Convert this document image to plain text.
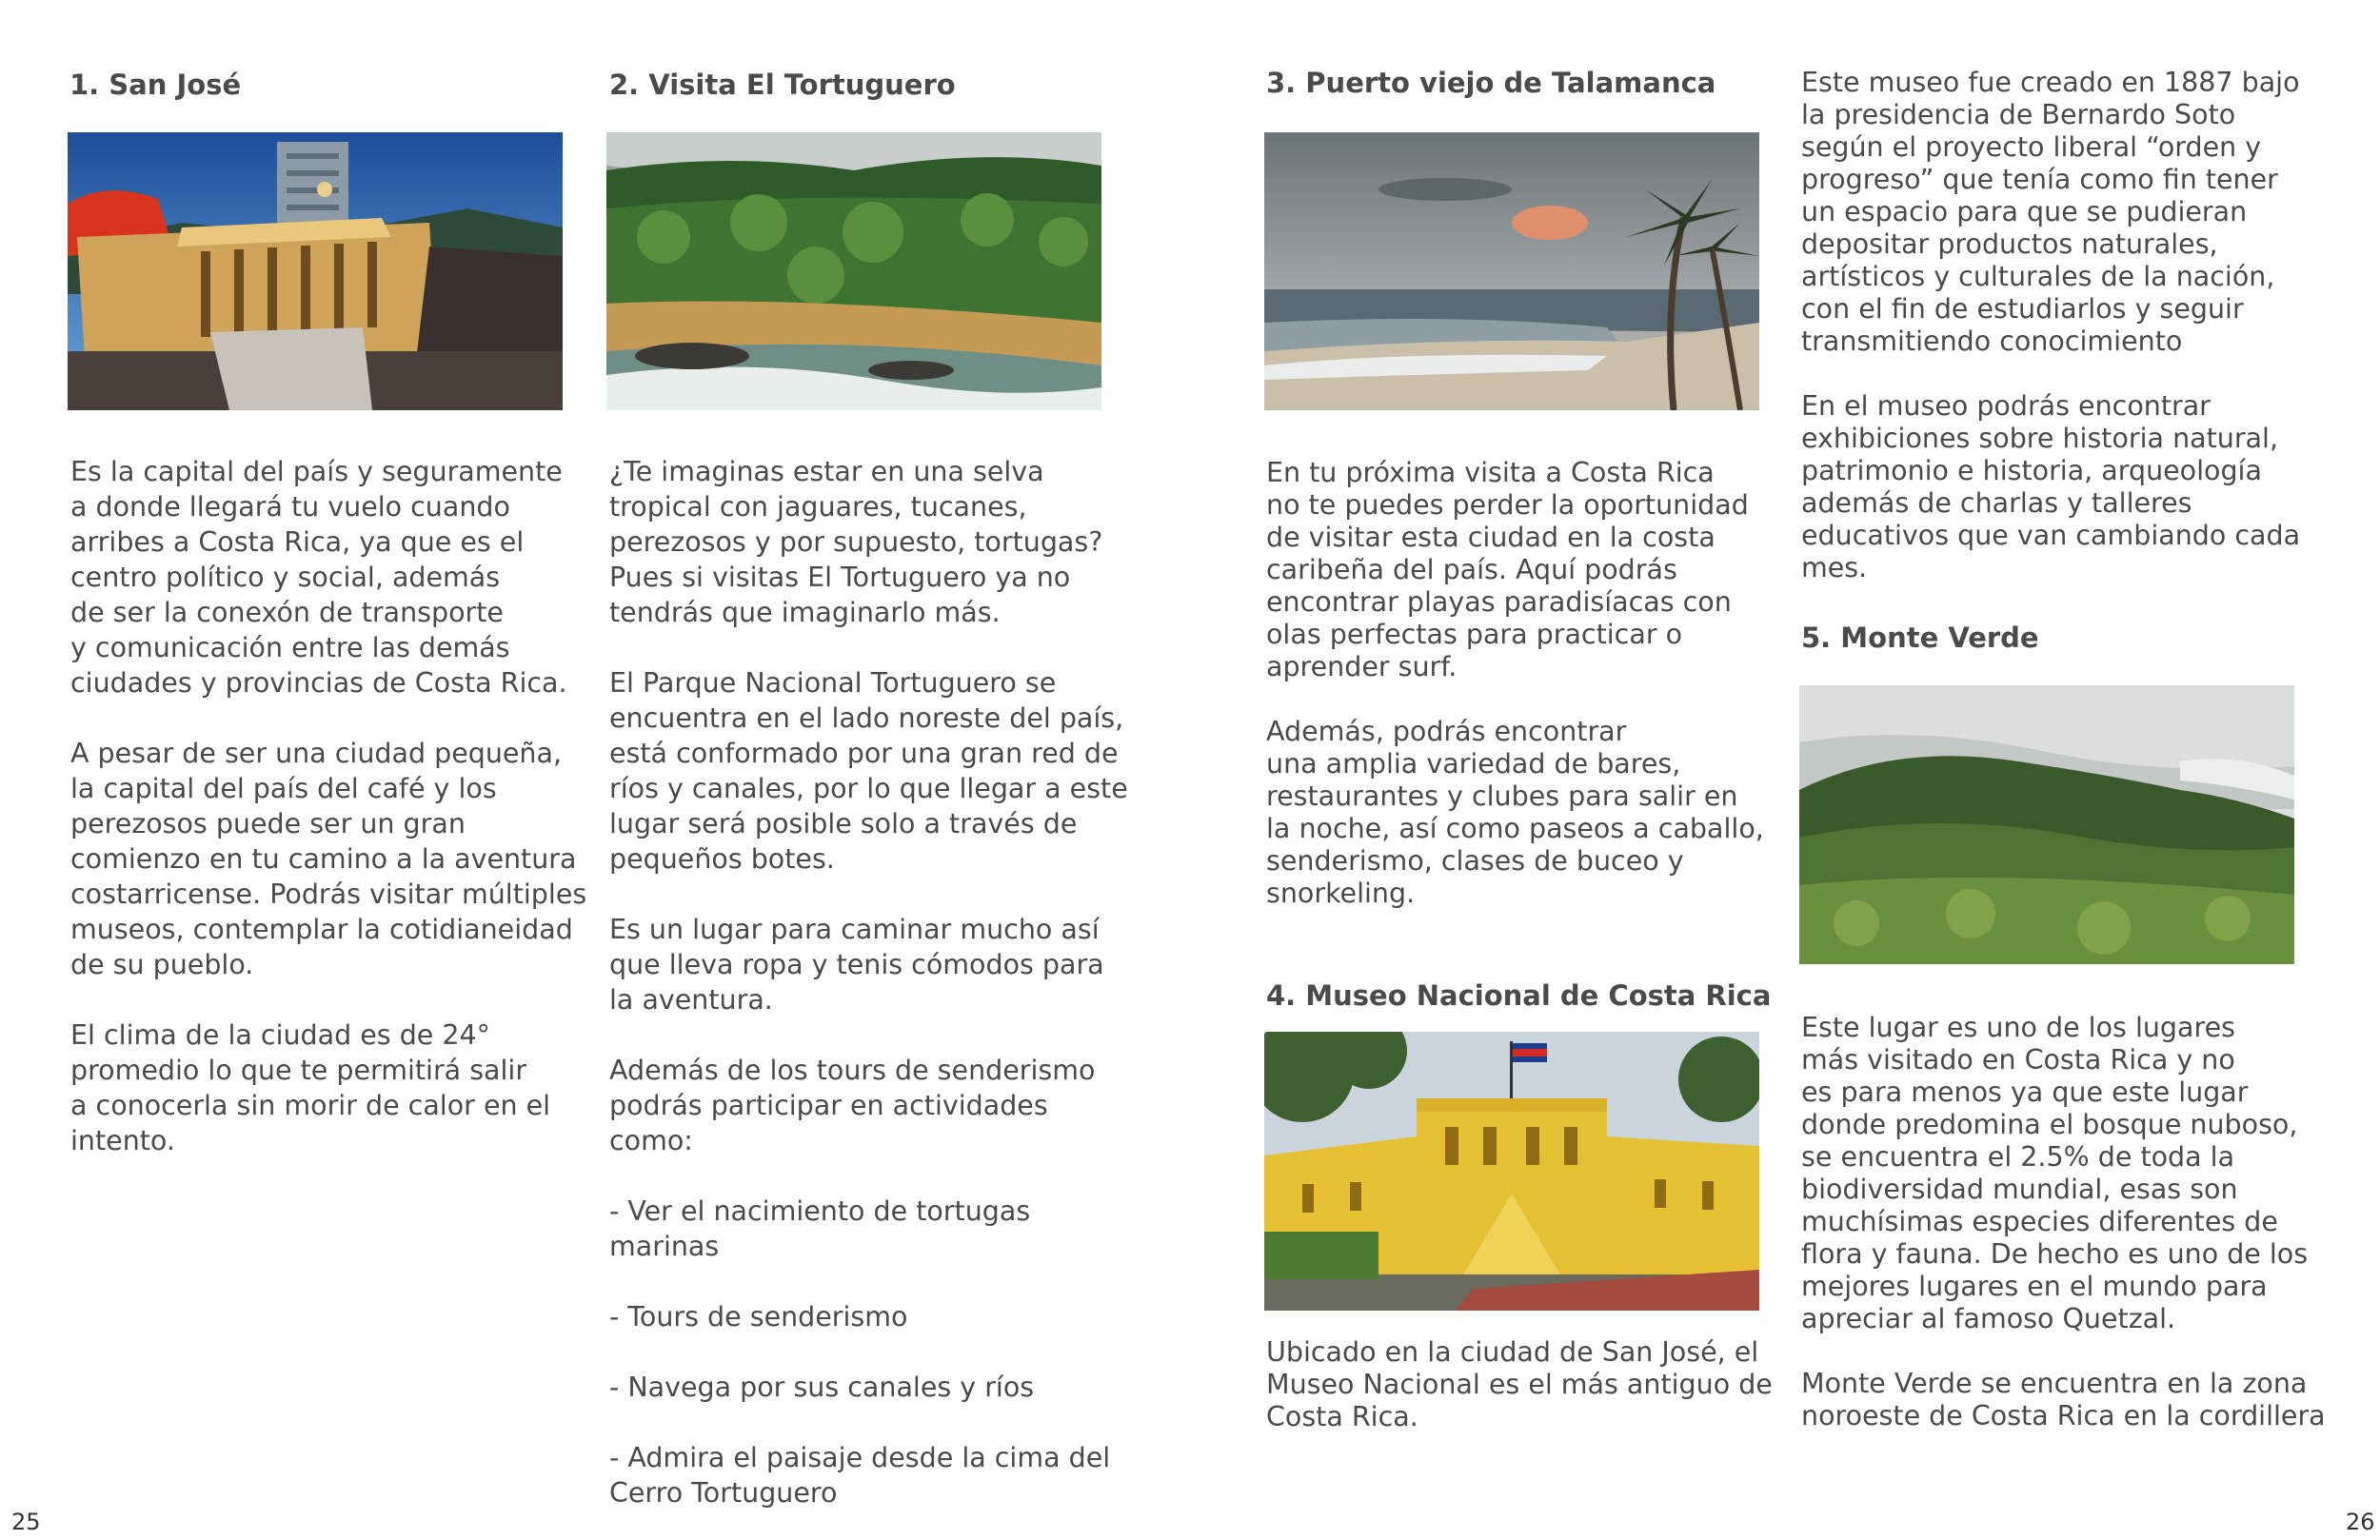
1. San José

Es la capital del país y seguramente
a donde llegará tu vuelo cuando
arribes a Costa Rica, ya que es el
centro político y social, además
de ser la conexón de transporte
y comunicación entre las demás
ciudades y provincias de Costa Rica.

A pesar de ser una ciudad pequeña,
la capital del país del café y los
perezosos puede ser un gran
comienzo en tu camino a la aventura
costarricense. Podrás visitar múltiples
museos, contemplar la cotidianeidad
de su pueblo.

El clima de la ciudad es de 24°
promedio lo que te permitirá salir
a conocerla sin morir de calor en el
intento.

2. Visita El Tortuguero

¿Te imaginas estar en una selva
tropical con jaguares, tucanes,
perezosos y por supuesto, tortugas?
Pues si visitas El Tortuguero ya no
tendrás que imaginarlo más.

El Parque Nacional Tortuguero se
encuentra en el lado noreste del país,
está conformado por una gran red de
ríos y canales, por lo que llegar a este
lugar será posible solo a través de
pequeños botes.

Es un lugar para caminar mucho así
que lleva ropa y tenis cómodos para
la aventura.

Además de los tours de senderismo
podrás participar en actividades
como:

- Ver el nacimiento de tortugas marinas

- Tours de senderismo

- Navega por sus canales y ríos

- Admira el paisaje desde la cima del
Cerro Tortuguero

3. Puerto viejo de Talamanca

En tu próxima visita a Costa Rica
no te puedes perder la oportunidad
de visitar esta ciudad en la costa
caribeña del país. Aquí podrás
encontrar playas paradisíacas con
olas perfectas para practicar o
aprender surf.

Además, podrás encontrar
una amplia variedad de bares,
restaurantes y clubes para salir en
la noche, así como paseos a caballo,
senderismo, clases de buceo y
snorkeling.

4. Museo Nacional de Costa Rica

Ubicado en la ciudad de San José, el
Museo Nacional es el más antiguo de
Costa Rica.

Este museo fue creado en 1887 bajo
la presidencia de Bernardo Soto
según el proyecto liberal “orden y
progreso” que tenía como fin tener
un espacio para que se pudieran
depositar productos naturales,
artísticos y culturales de la nación,
con el fin de estudiarlos y seguir
transmitiendo conocimiento

En el museo podrás encontrar
exhibiciones sobre historia natural,
patrimonio e historia, arqueología
además de charlas y talleres
educativos que van cambiando cada
mes.

5. Monte Verde

Este lugar es uno de los lugares
más visitado en Costa Rica y no
es para menos ya que este lugar
donde predomina el bosque nuboso,
se encuentra el 2.5% de toda la
biodiversidad mundial, esas son
muchísimas especies diferentes de
flora y fauna. De hecho es uno de los
mejores lugares en el mundo para
apreciar al famoso Quetzal.

Monte Verde se encuentra en la zona
noroeste de Costa Rica en la cordillera

25	26
